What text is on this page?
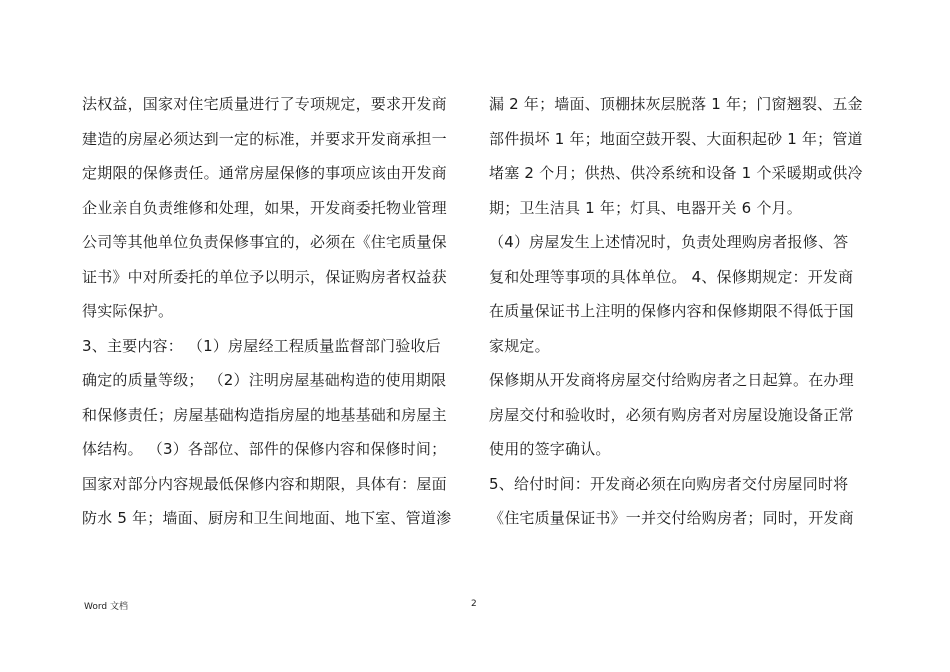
法权益，国家对住宅质量进行了专项规定，要求开发商
建造的房屋必须达到一定的标准，并要求开发商承担一
定期限的保修责任。通常房屋保修的事项应该由开发商
企业亲自负责维修和处理，如果，开发商委托物业管理
公司等其他单位负责保修事宜的，必须在《住宅质量保
证书》中对所委托的单位予以明示，保证购房者权益获
得实际保护。
3、主要内容： （1）房屋经工程质量监督部门验收后
确定的质量等级； （2）注明房屋基础构造的使用期限
和保修责任；房屋基础构造指房屋的地基基础和房屋主
体结构。 （3）各部位、部件的保修内容和保修时间；
国家对部分内容规最低保修内容和期限，具体有：屋面
防水 5 年；墙面、厨房和卫生间地面、地下室、管道渗
漏 2 年；墙面、顶棚抹灰层脱落 1 年；门窗翘裂、五金
部件损坏 1 年；地面空鼓开裂、大面积起砂 1 年；管道
堵塞 2 个月；供热、供冷系统和设备 1 个采暖期或供冷
期；卫生洁具 1 年；灯具、电器开关 6 个月。
（4）房屋发生上述情况时，负责处理购房者报修、答
复和处理等事项的具体单位。 4、保修期规定：开发商
在质量保证书上注明的保修内容和保修期限不得低于国
家规定。
保修期从开发商将房屋交付给购房者之日起算。在办理
房屋交付和验收时，必须有购房者对房屋设施设备正常
使用的签字确认。
5、给付时间：开发商必须在向购房者交付房屋同时将
《住宅质量保证书》一并交付给购房者；同时，开发商
Word 文档	2
